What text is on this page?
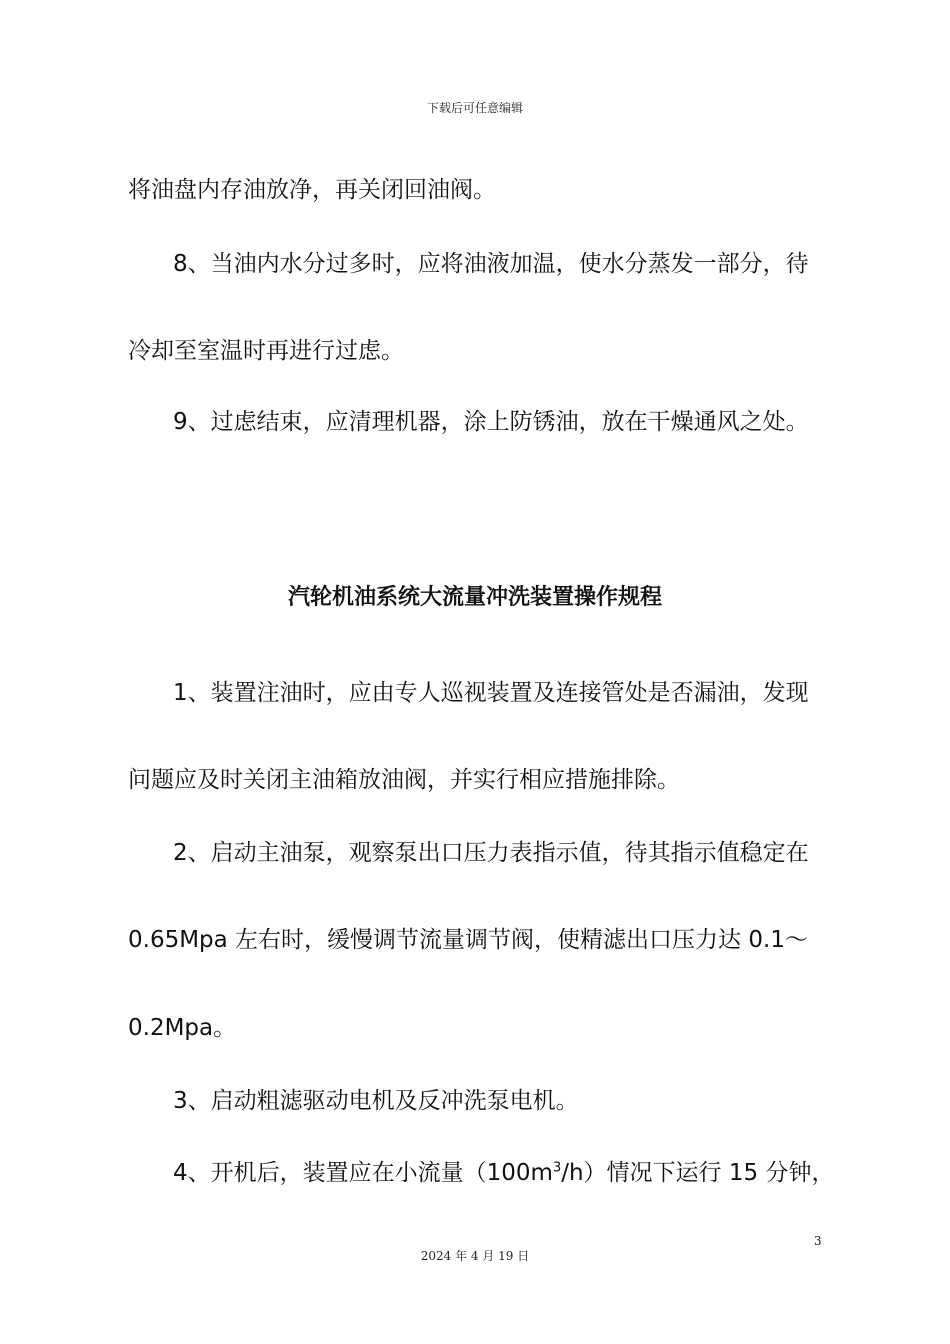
下载后可任意编辑

将油盘内存油放净，再关闭回油阀。

8、当油内水分过多时，应将油液加温，使水分蒸发一部分，待

冷却至室温时再进行过虑。

9、过虑结束，应清理机器，涂上防锈油，放在干燥通风之处。

汽轮机油系统大流量冲洗装置操作规程

1、装置注油时，应由专人巡视装置及连接管处是否漏油，发现

问题应及时关闭主油箱放油阀，并实行相应措施排除。

2、启动主油泵，观察泵出口压力表指示值，待其指示值稳定在

0.65Mpa 左右时，缓慢调节流量调节阀，使精滤出口压力达 0.1～

0.2Mpa。

3、启动粗滤驱动电机及反冲洗泵电机。

4、开机后，装置应在小流量$(100m^3/h)$情况下运行 15 分钟，

3
2024 年 4 月 19 日
